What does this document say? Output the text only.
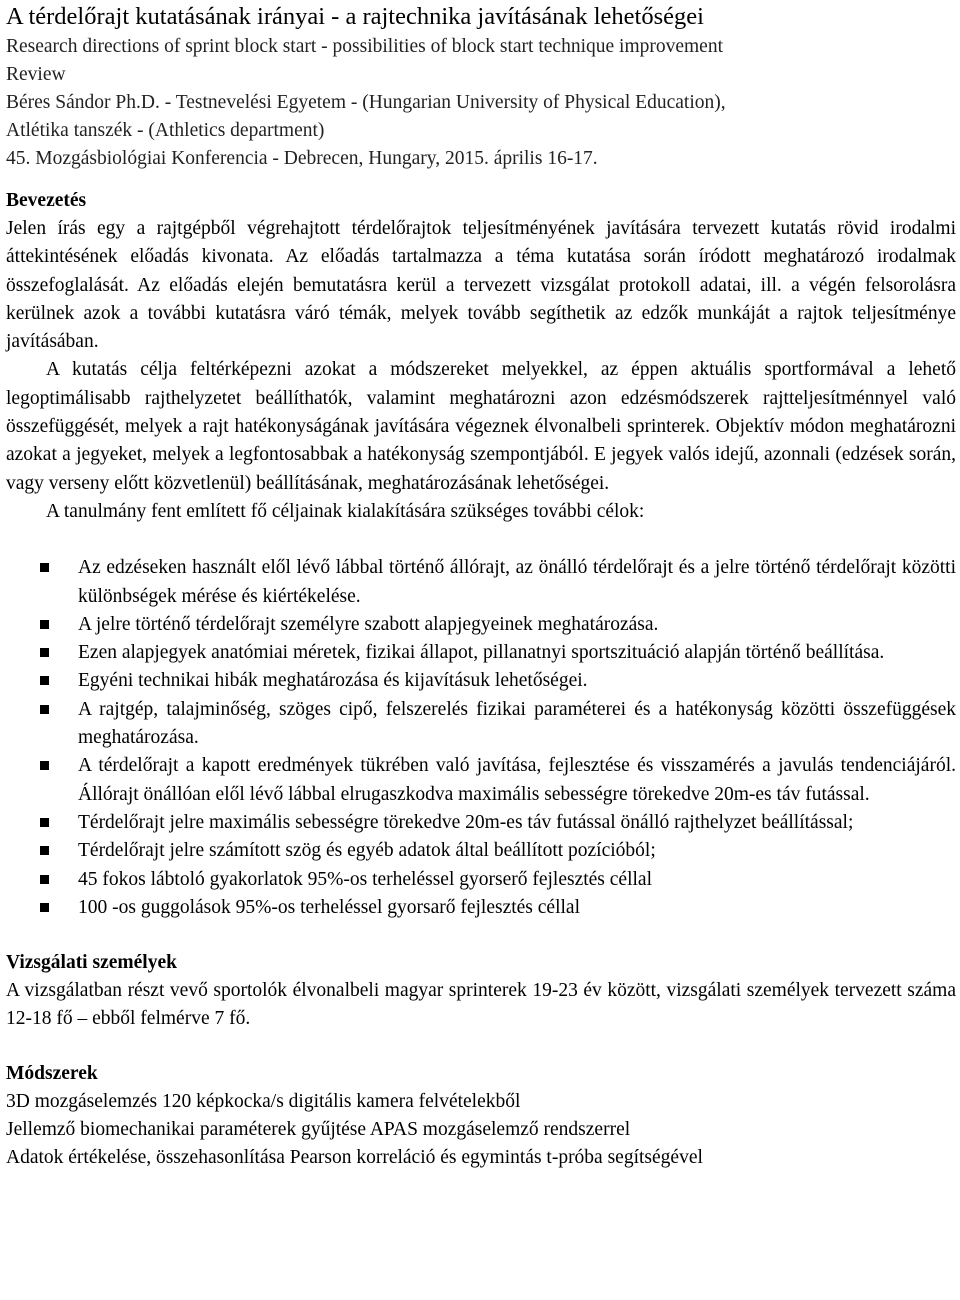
A térdelőrajt kutatásának irányai - a rajtechnika javításának lehetőségei
Research directions of sprint block start - possibilities of block start technique improvement
Review
Béres Sándor Ph.D. - Testnevelési Egyetem - (Hungarian University of Physical Education),
Atlétika tanszék - (Athletics department)
45. Mozgásbiológiai Konferencia - Debrecen, Hungary, 2015. április 16-17.
Bevezetés

Jelen írás egy a rajtgépből végrehajtott térdelőrajtok teljesítményének javítására tervezett kutatás rövid irodalmi áttekintésének előadás kivonata. Az előadás tartalmazza a téma kutatása során íródott meghatározó irodalmak összefoglalását. Az előadás elején bemutatásra kerül a tervezett vizsgálat protokoll adatai, ill. a végén felsorolásra kerülnek azok a további kutatásra váró témák, melyek tovább segíthetik az edzők munkáját a rajtok teljesítménye javításában.

A kutatás célja feltérképezni azokat a módszereket melyekkel, az éppen aktuális sportformával a lehető legoptimálisabb rajthelyzetet beállíthatók, valamint meghatározni azon edzésmódszerek rajtteljesítménnyel való összefüggését, melyek a rajt hatékonyságának javítására végeznek élvonalbeli sprinterek. Objektív módon meghatározni azokat a jegyeket, melyek a legfontosabbak a hatékonyság szempontjából. E jegyek valós idejű, azonnali (edzések során, vagy verseny előtt közvetlenül) beállításának, meghatározásának lehetőségei.

A tanulmány fent említett fő céljainak kialakítására szükséges további célok:

Az edzéseken használt elől lévő lábbal történő állórajt, az önálló térdelőrajt és a jelre történő térdelőrajt közötti különbségek mérése és kiértékelése.
A jelre történő térdelőrajt személyre szabott alapjegyeinek meghatározása.
Ezen alapjegyek anatómiai méretek, fizikai állapot, pillanatnyi sportszituáció alapján történő beállítása.
Egyéni technikai hibák meghatározása és kijavításuk lehetőségei.
A rajtgép, talajminőség, szöges cipő, felszerelés fizikai paraméterei és a hatékonyság közötti összefüggések meghatározása.
A térdelőrajt a kapott eredmények tükrében való javítása, fejlesztése és visszamérés a javulás tendenciájáról. Állórajt önállóan elől lévő lábbal elrugaszkodva maximális sebességre törekedve 20m-es táv futással.
Térdelőrajt jelre maximális sebességre törekedve 20m-es táv futással önálló rajthelyzet beállítással;
Térdelőrajt jelre számított szög és egyéb adatok által beállított pozícióból;
45 fokos lábtoló gyakorlatok 95%-os terheléssel gyorserő fejlesztés céllal
100 -os guggolások 95%-os terheléssel gyorsarő fejlesztés céllal
Vizsgálati személyek

A vizsgálatban részt vevő sportolók élvonalbeli magyar sprinterek 19-23 év között, vizsgálati személyek tervezett száma 12-18 fő – ebből felmérve 7 fő.

Módszerek
3D mozgáselemzés 120 képkocka/s digitális kamera felvételekből
Jellemző biomechanikai paraméterek gyűjtése APAS mozgáselemző rendszerrel
Adatok értékelése, összehasonlítása Pearson korreláció és egymintás t-próba segítségével
